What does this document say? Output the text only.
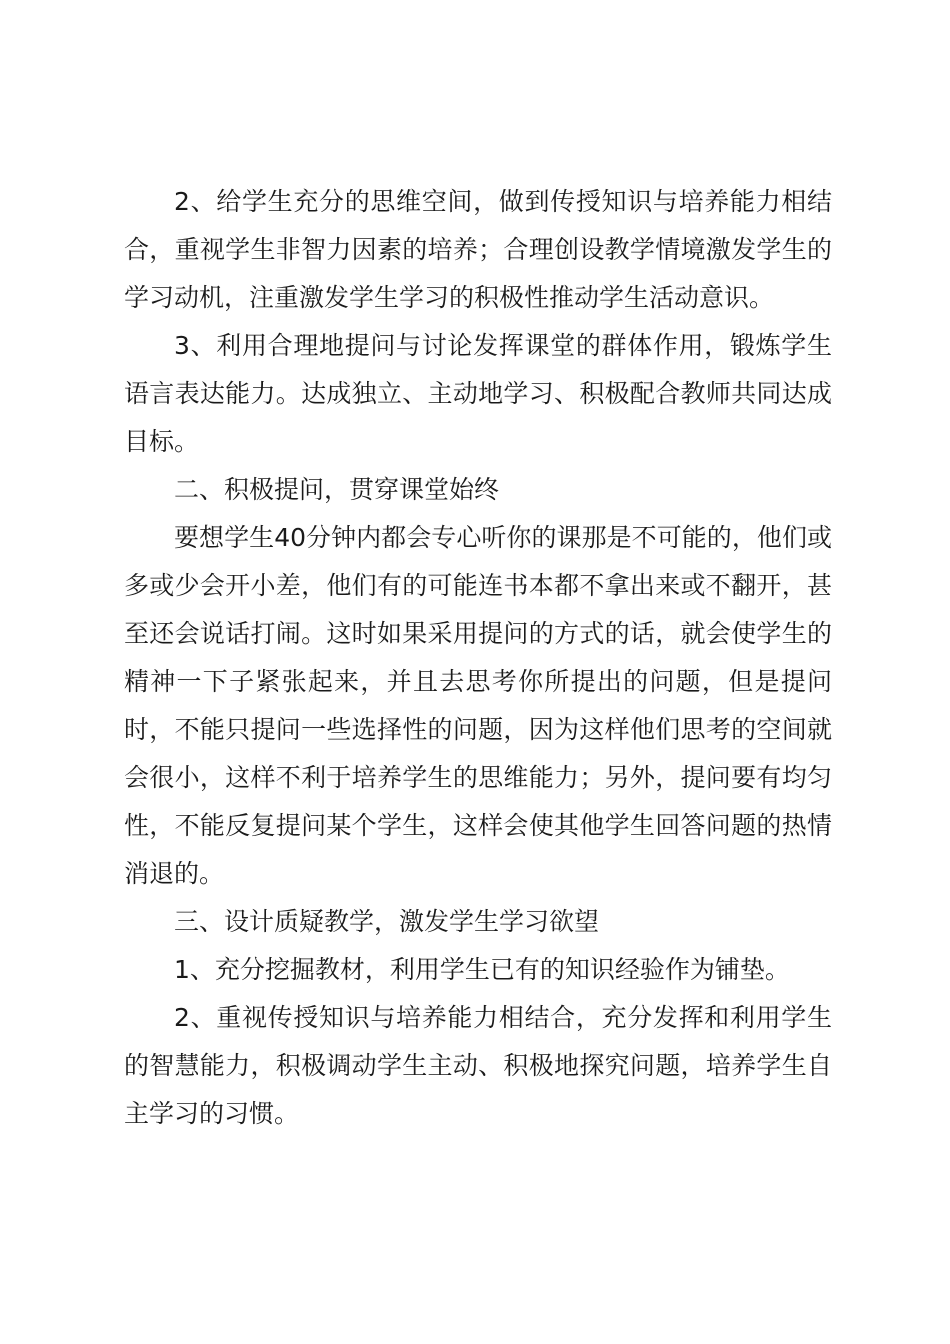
2、给学生充分的思维空间，做到传授知识与培养能力相结合，重视学生非智力因素的培养；合理创设教学情境激发学生的学习动机，注重激发学生学习的积极性推动学生活动意识。

3、利用合理地提问与讨论发挥课堂的群体作用，锻炼学生语言表达能力。达成独立、主动地学习、积极配合教师共同达成目标。

二、积极提问，贯穿课堂始终

要想学生40分钟内都会专心听你的课那是不可能的，他们或多或少会开小差，他们有的可能连书本都不拿出来或不翻开，甚至还会说话打闹。这时如果采用提问的方式的话，就会使学生的精神一下子紧张起来，并且去思考你所提出的问题，但是提问时，不能只提问一些选择性的问题，因为这样他们思考的空间就会很小，这样不利于培养学生的思维能力；另外，提问要有均匀性，不能反复提问某个学生，这样会使其他学生回答问题的热情消退的。

三、设计质疑教学，激发学生学习欲望

1、充分挖掘教材，利用学生已有的知识经验作为铺垫。

2、重视传授知识与培养能力相结合，充分发挥和利用学生的智慧能力，积极调动学生主动、积极地探究问题，培养学生自主学习的习惯。
